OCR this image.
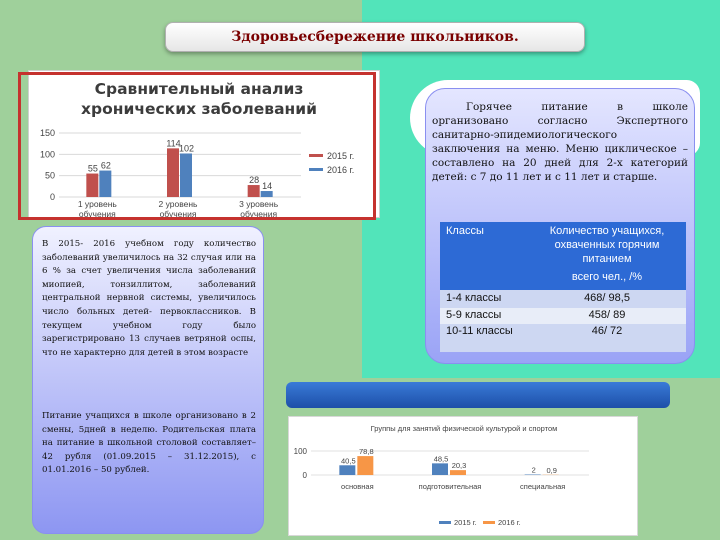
Здоровьесбережение школьников.
Сравнительный анализ
хронических заболеваний
0
50
100
150
55 62
1 уровень
обучения
114
102
2 уровень
обучения
28
14
3 уровень
обучения
2015 г.
2016 г.
Горячее питание в школе организовано согласно Экспертного санитарно-эпидемиологического заключения на меню. Меню циклическое – составлено на 20 дней для 2-х категорий детей: с 7 до 11 лет и с 11 лет и старше.
Классы	Количество учащихся, охваченных горячим питанием
всего чел., /%
1-4 классы	468/ 98,5
5-9 классы	458/ 89
10-11 классы	46/ 72
В 2015- 2016 учебном году количество заболеваний увеличилось на 32 случая или на 6 % за счет увеличения числа заболеваний миопией, тонзиллитом, заболеваний центральной нервной системы, увеличилось число больных детей- первоклассников. В текущем учебном году было зарегистрировано 13 случаев ветряной оспы, что не характерно для детей в этом возрасте
Питание учащихся в школе организовано в 2 смены, 5дней в неделю. Родительская плата на питание в школьной столовой составляет– 42 рубля (01.09.2015 – 31.12.2015), с 01.01.2016 – 50 рублей.
Группы для занятий физической культурой и спортом
0
100
40,5
78,8
основная
48,5
20,3
подготовительная
2 0,9
специальная
2015 г.	2016 г.
